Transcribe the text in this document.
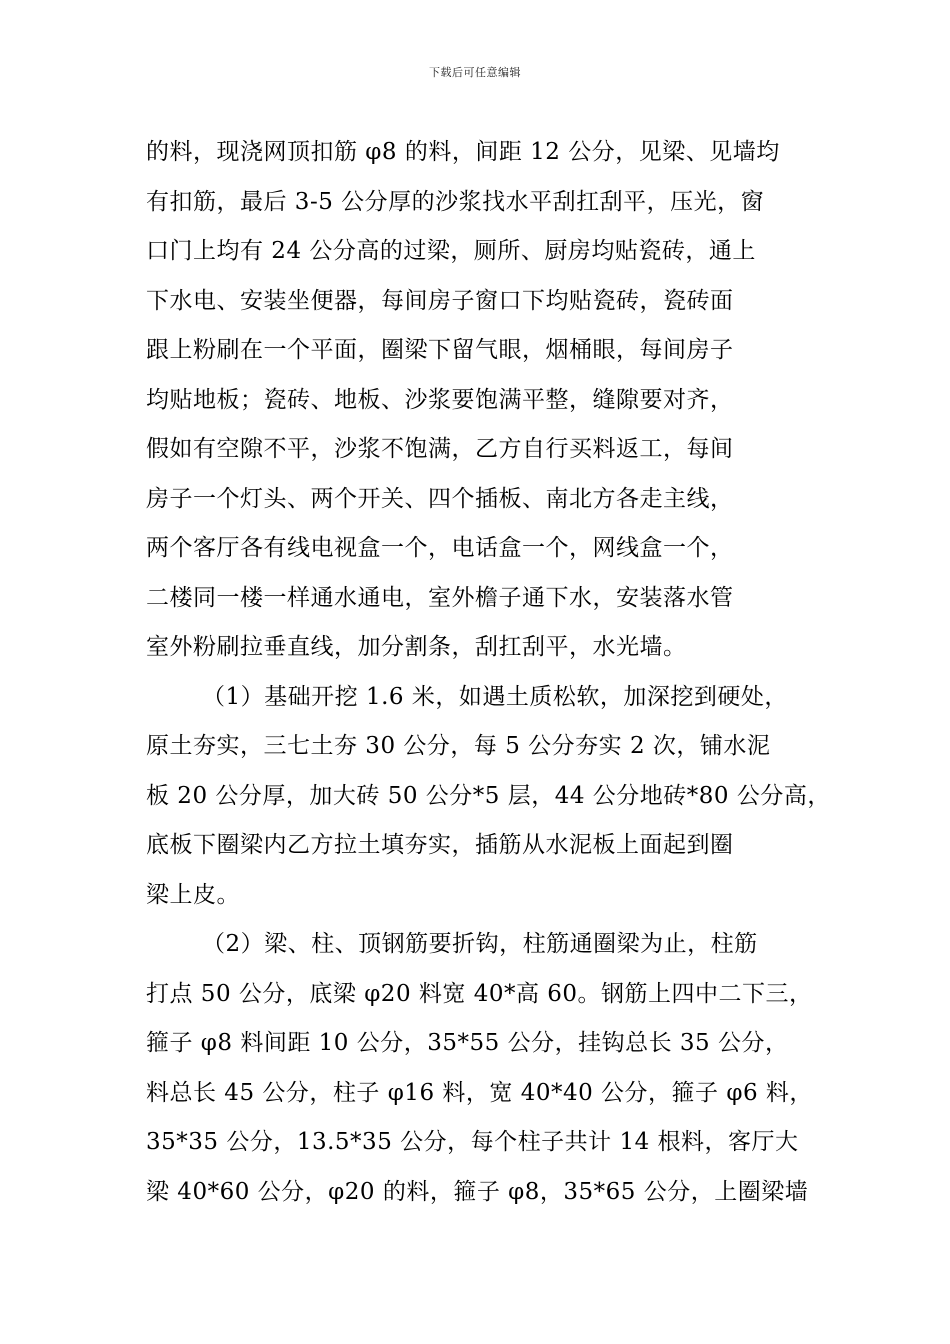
下载后可任意编辑
的料，现浇网顶扣筋 φ8 的料，间距 12 公分，见梁、见墙均
有扣筋，最后 3-5 公分厚的沙浆找水平刮扛刮平，压光，窗
口门上均有 24 公分高的过梁，厕所、厨房均贴瓷砖，通上
下水电、安装坐便器，每间房子窗口下均贴瓷砖，瓷砖面
跟上粉刷在一个平面，圈梁下留气眼，烟桶眼，每间房子
均贴地板；瓷砖、地板、沙浆要饱满平整，缝隙要对齐，
假如有空隙不平，沙浆不饱满，乙方自行买料返工，每间
房子一个灯头、两个开关、四个插板、南北方各走主线，
两个客厅各有线电视盒一个，电话盒一个，网线盒一个，
二楼同一楼一样通水通电，室外檐子通下水，安装落水管
室外粉刷拉垂直线，加分割条，刮扛刮平，水光墙。
（1）基础开挖 1.6 米，如遇土质松软，加深挖到硬处，
原土夯实，三七土夯 30 公分，每 5 公分夯实 2 次，铺水泥
板 20 公分厚，加大砖 50 公分*5 层，44 公分地砖*80 公分高，
底板下圈梁内乙方拉土填夯实，插筋从水泥板上面起到圈
梁上皮。
（2）梁、柱、顶钢筋要折钩，柱筋通圈梁为止，柱筋
打点 50 公分，底梁 φ20 料宽 40*高 60。钢筋上四中二下三，
箍子 φ8 料间距 10 公分，35*55 公分，挂钩总长 35 公分，
料总长 45 公分，柱子 φ16 料，宽 40*40 公分，箍子 φ6 料，
35*35 公分，13.5*35 公分，每个柱子共计 14 根料，客厅大
梁 40*60 公分，φ20 的料，箍子 φ8，35*65 公分，上圈梁墙
